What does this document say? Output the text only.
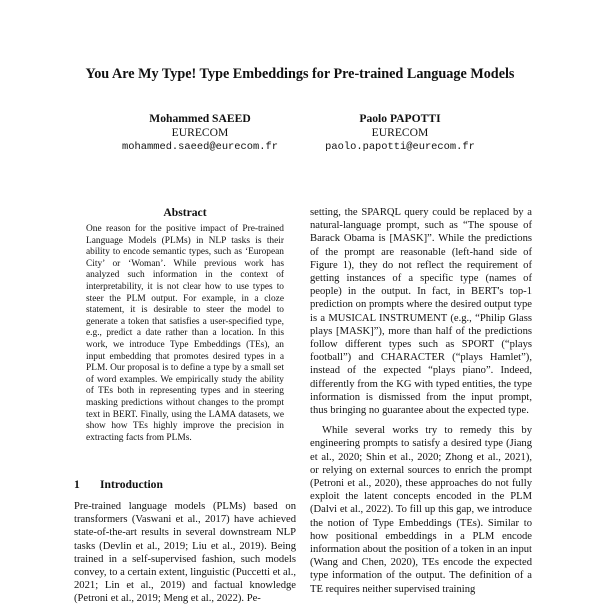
You Are My Type! Type Embeddings for Pre-trained Language Models
Mohammed SAEED
EURECOM
mohammed.saeed@eurecom.fr
Paolo PAPOTTI
EURECOM
paolo.papotti@eurecom.fr
Abstract
One reason for the positive impact of Pre-trained Language Models (PLMs) in NLP tasks is their ability to encode semantic types, such as ‘European City’ or ‘Woman’. While previous work has analyzed such information in the context of interpretability, it is not clear how to use types to steer the PLM output. For example, in a cloze statement, it is desirable to steer the model to generate a token that satisfies a user-specified type, e.g., predict a date rather than a location. In this work, we introduce Type Embeddings (TEs), an input embedding that promotes desired types in a PLM. Our proposal is to define a type by a small set of word examples. We empirically study the ability of TEs both in representing types and in steering masking predictions without changes to the prompt text in BERT. Finally, using the LAMA datasets, we show how TEs highly improve the precision in extracting facts from PLMs.
1 Introduction

Pre-trained language models (PLMs) based on transformers (Vaswani et al., 2017) have achieved state-of-the-art results in several downstream NLP tasks (Devlin et al., 2019; Liu et al., 2019). Being trained in a self-supervised fashion, such models convey, to a certain extent, linguistic (Puccetti et al., 2021; Lin et al., 2019) and factual knowledge (Petroni et al., 2019; Meng et al., 2022). Pe-

setting, the SPARQL query could be replaced by a natural-language prompt, such as “The spouse of Barack Obama is [MASK]”. While the predictions of the prompt are reasonable (left-hand side of Figure 1), they do not reflect the requirement of getting instances of a specific type (names of people) in the output. In fact, in BERT's top-1 prediction on prompts where the desired output type is a MUSICAL INSTRUMENT (e.g., “Philip Glass plays [MASK]”), more than half of the predictions follow different types such as SPORT (“plays football”) and CHARACTER (“plays Hamlet”), instead of the expected “plays piano”. Indeed, differently from the KG with typed entities, the type information is dismissed from the input prompt, thus bringing no guarantee about the expected type.

While several works try to remedy this by engineering prompts to satisfy a desired type (Jiang et al., 2020; Shin et al., 2020; Zhong et al., 2021), or relying on external sources to enrich the prompt (Petroni et al., 2020), these approaches do not fully exploit the latent concepts encoded in the PLM (Dalvi et al., 2022). To fill up this gap, we introduce the notion of Type Embeddings (TEs). Similar to how positional embeddings in a PLM encode information about the position of a token in an input (Wang and Chen, 2020), TEs encode the expected type information of the output. The definition of a TE requires neither supervised training
